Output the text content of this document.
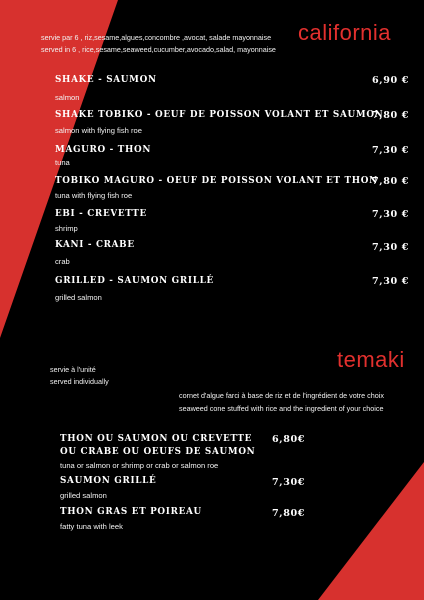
california
servie par 6 , riz,sesame,algues,concombre ,avocat, salade mayonnaise
served in 6 , rice,sesame,seaweed,cucumber,avocado,salad, mayonnaise
SHAKE - SAUMON
salmon
6,90 €
SHAKE TOBIKO - OEUF DE POISSON VOLANT ET SAUMON
salmon with flying fish roe
7,80 €
MAGURO - THON
tuna
7,30 €
TOBIKO MAGURO - OEUF DE POISSON VOLANT ET THON
tuna with flying fish roe
7,80 €
EBI - CREVETTE
shrimp
7,30 €
KANI - CRABE
crab
7,30 €
GRILLED - SAUMON GRILLÉ
grilled salmon
7,30 €
temaki
servie à l'unité
served individually
cornet d'algue farci à base de riz et de l'ingrédient de votre choix
seaweed cone stuffed with rice and the ingredient of your choice
THON OU SAUMON OU CREVETTE
OU CRABE OU OEUFS DE SAUMON
tuna or salmon or shrimp or crab or salmon roe
6,80€
SAUMON GRILLÉ
grilled salmon
7,30€
THON GRAS ET POIREAU
fatty tuna with leek
7,80€
